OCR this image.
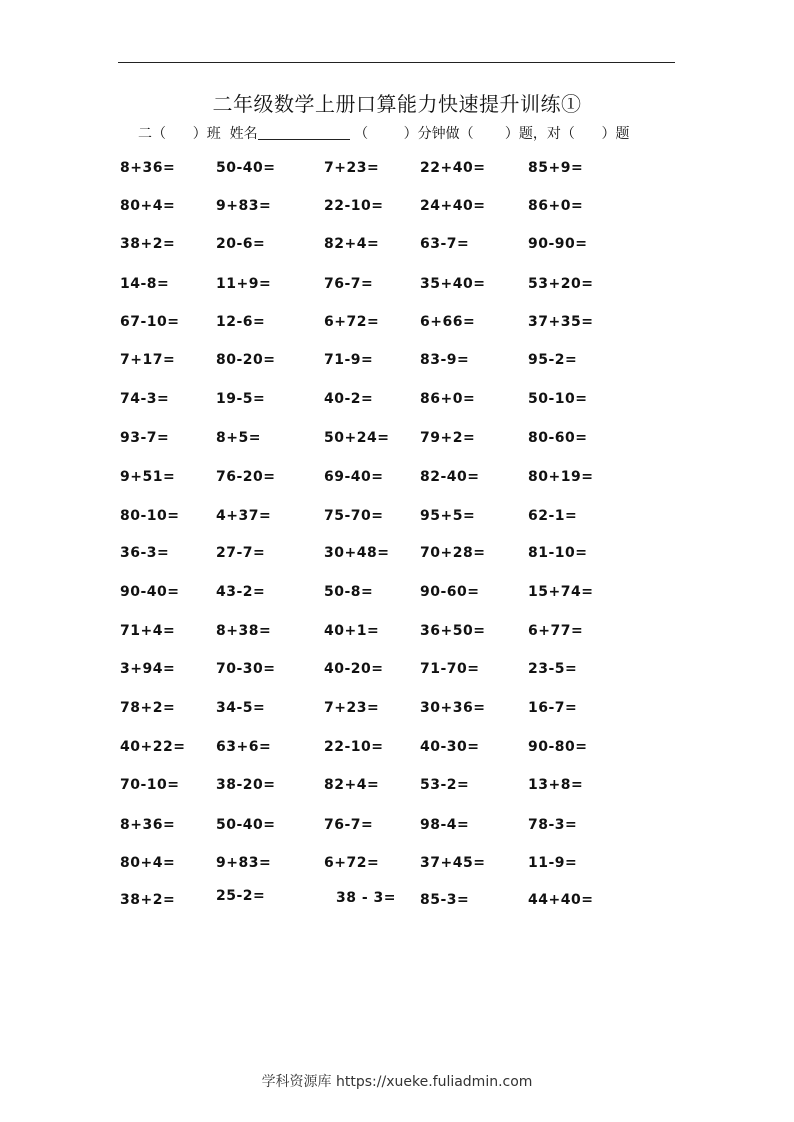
二年级数学上册口算能力快速提升训练①
二（ ）班  姓名	（	）分钟做（ ）题，对（ ）题
8+36=	50-40=	7+23=	22+40=	85+9=
80+4=	9+83=	22-10=	24+40=	86+0=
38+2=	20-6=	82+4=	63-7=	90-90=
14-8=	11+9=	76-7=	35+40=	53+20=
67-10=	12-6=	6+72=	6+66=	37+35=
7+17=	80-20=	71-9=	83-9=	95-2=
74-3=	19-5=	40-2=	86+0=	50-10=
93-7=	8+5=	50+24= 79+2=	80-60=
9+51=	76-20=	69-40=	82-40=	80+19=
80-10=	4+37=	75-70=	95+5=	62-1=
36-3=	27-7=	30+48= 70+28=	81-10=
90-40=	43-2=	50-8=	90-60=	15+74=
71+4=	8+38=	40+1=	36+50=	6+77=
3+94=	70-30=	40-20=	71-70=	23-5=
78+2=	34-5=	7+23=	30+36=	16-7=
40+22= 63+6=	22-10=	40-30=	90-80=
70-10=	38-20=	82+4=	53-2=	13+8=
8+36=	50-40=	76-7=	98-4=	78-3=
80+4=	9+83=	6+72=	37+45=	11-9=
38+2=	25-2=	38 - 3= 85-3=	44+40=
学科资源库 https://xueke.fuliadmin.com
